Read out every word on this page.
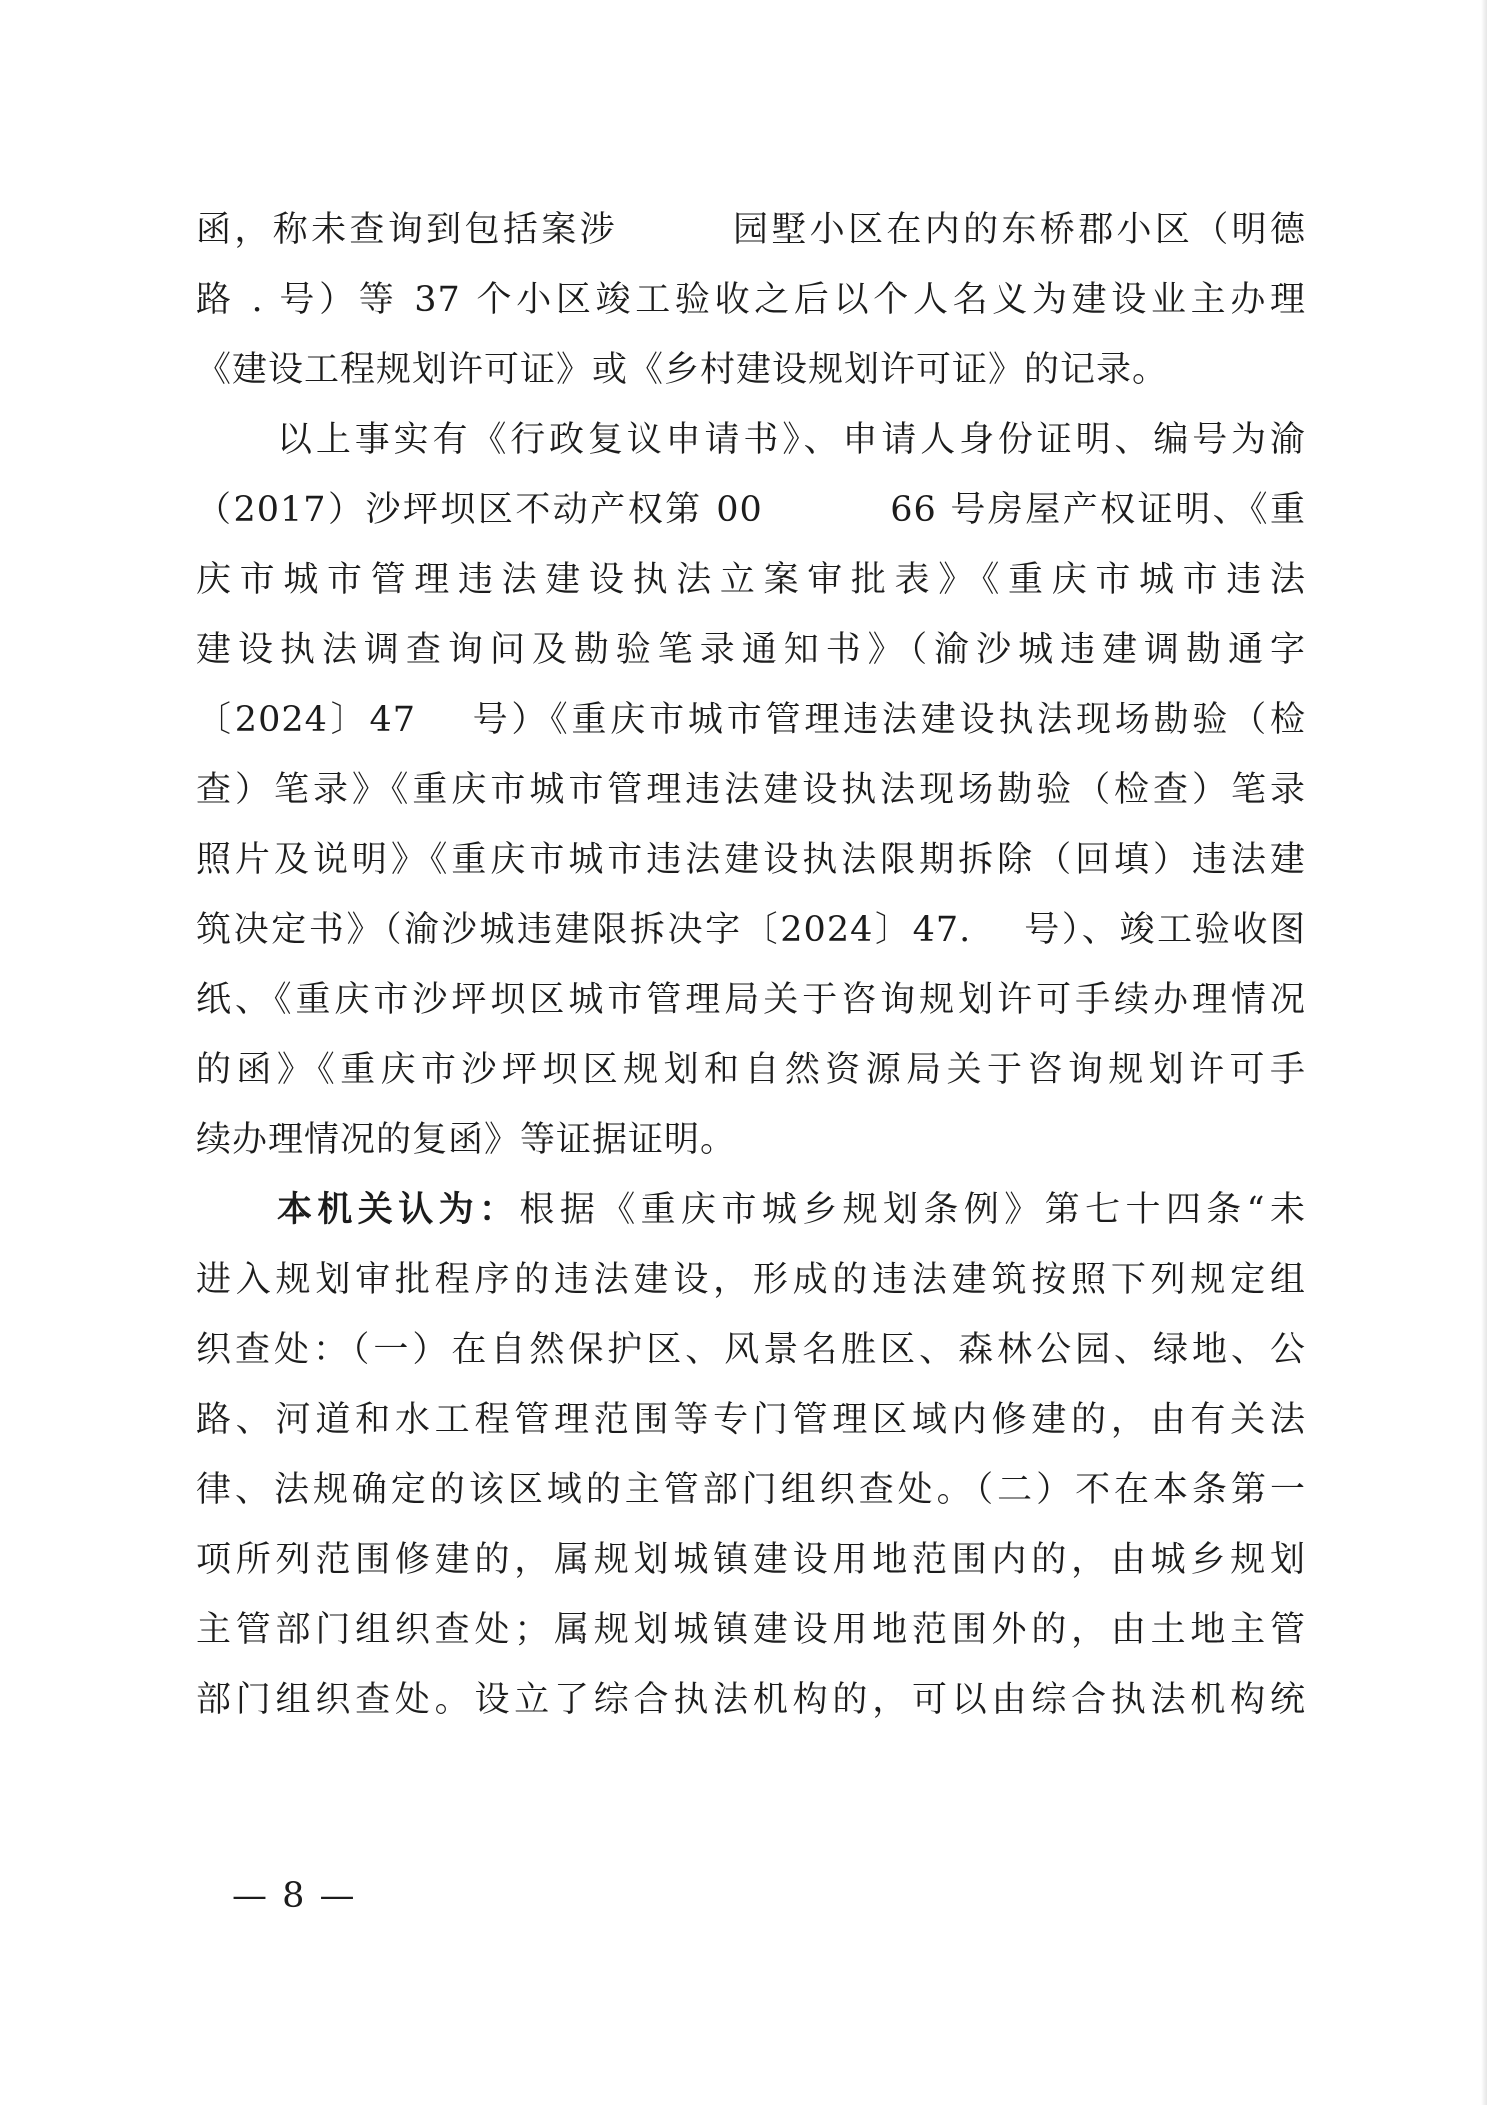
函，称未查询到包括案涉　　　园墅小区在内的东桥郡小区（明德
路 . 号）等 37 个小区竣工验收之后以个人名义为建设业主办理
《建设工程规划许可证》或《乡村建设规划许可证》的记录。
以上事实有《行政复议申请书》、申请人身份证明、编号为渝
（2017）沙坪坝区不动产权第 00　　　 66 号房屋产权证明、《重
庆市城市管理违法建设执法立案审批表》《重庆市城市违法
建设执法调查询问及勘验笔录通知书》（渝沙城违建调勘通字
〔2024〕47　 号）《重庆市城市管理违法建设执法现场勘验（检
查）笔录》《重庆市城市管理违法建设执法现场勘验（检查）笔录
照片及说明》《重庆市城市违法建设执法限期拆除（回填）违法建
筑决定书》（渝沙城违建限拆决字〔2024〕47.　 号）、竣工验收图
纸、《重庆市沙坪坝区城市管理局关于咨询规划许可手续办理情况
的函》《重庆市沙坪坝区规划和自然资源局关于咨询规划许可手
续办理情况的复函》等证据证明。
本机关认为：根据《重庆市城乡规划条例》第七十四条“未
进入规划审批程序的违法建设，形成的违法建筑按照下列规定组
织查处：（一）在自然保护区、风景名胜区、森林公园、绿地、公
路、河道和水工程管理范围等专门管理区域内修建的，由有关法
律、法规确定的该区域的主管部门组织查处。（二）不在本条第一
项所列范围修建的，属规划城镇建设用地范围内的，由城乡规划
主管部门组织查处；属规划城镇建设用地范围外的，由土地主管
部门组织查处。设立了综合执法机构的，可以由综合执法机构统
— 8 —
